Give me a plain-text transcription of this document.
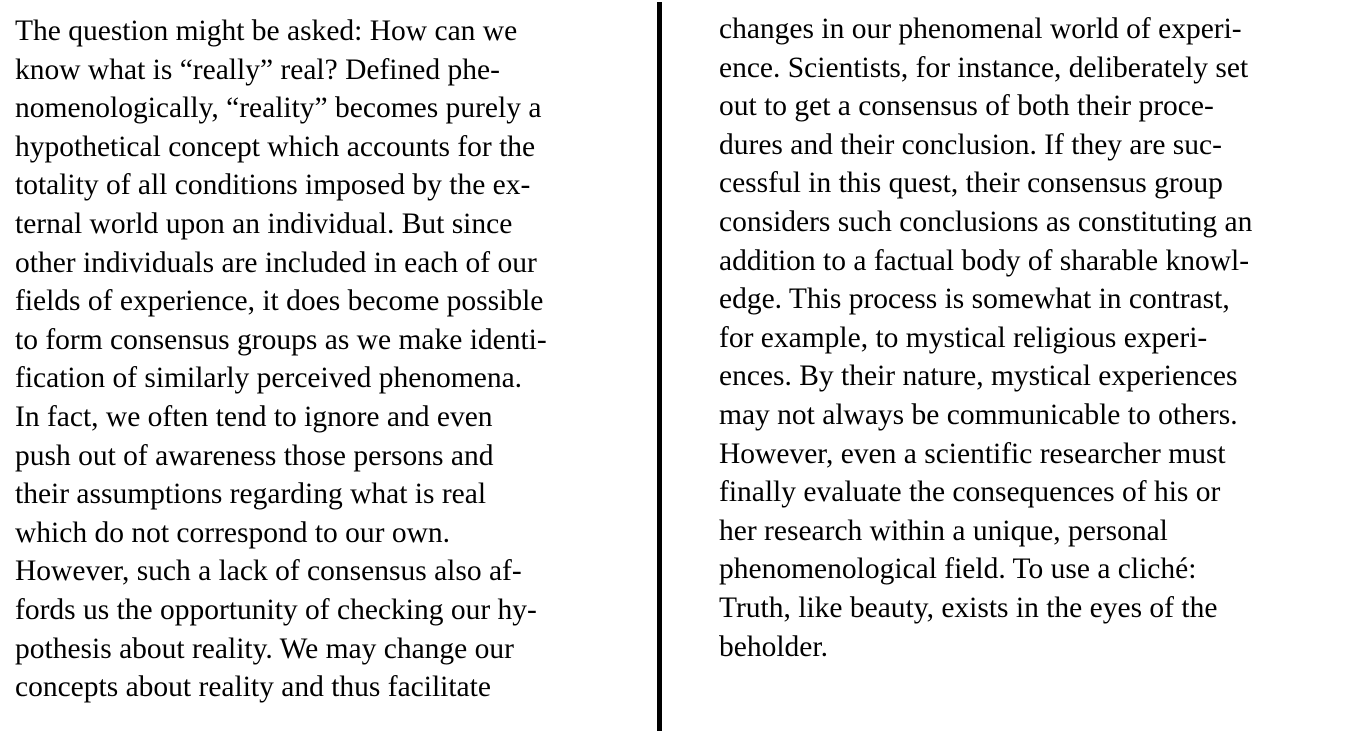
The question might be asked: How can we
know what is “really” real? Defined phe-
nomenologically, “reality” becomes purely a
hypothetical concept which accounts for the
totality of all conditions imposed by the ex-
ternal world upon an individual. But since
other individuals are included in each of our
fields of experience, it does become possible
to form consensus groups as we make identi-
fication of similarly perceived phenomena.
In fact, we often tend to ignore and even
push out of awareness those persons and
their assumptions regarding what is real
which do not correspond to our own.
However, such a lack of consensus also af-
fords us the opportunity of checking our hy-
pothesis about reality. We may change our
concepts about reality and thus facilitate
changes in our phenomenal world of experi-
ence. Scientists, for instance, deliberately set
out to get a consensus of both their proce-
dures and their conclusion. If they are suc-
cessful in this quest, their consensus group
considers such conclusions as constituting an
addition to a factual body of sharable knowl-
edge. This process is somewhat in contrast,
for example, to mystical religious experi-
ences. By their nature, mystical experiences
may not always be communicable to others.
However, even a scientific researcher must
finally evaluate the consequences of his or
her research within a unique, personal
phenomenological field. To use a cliché:
Truth, like beauty, exists in the eyes of the
beholder.
